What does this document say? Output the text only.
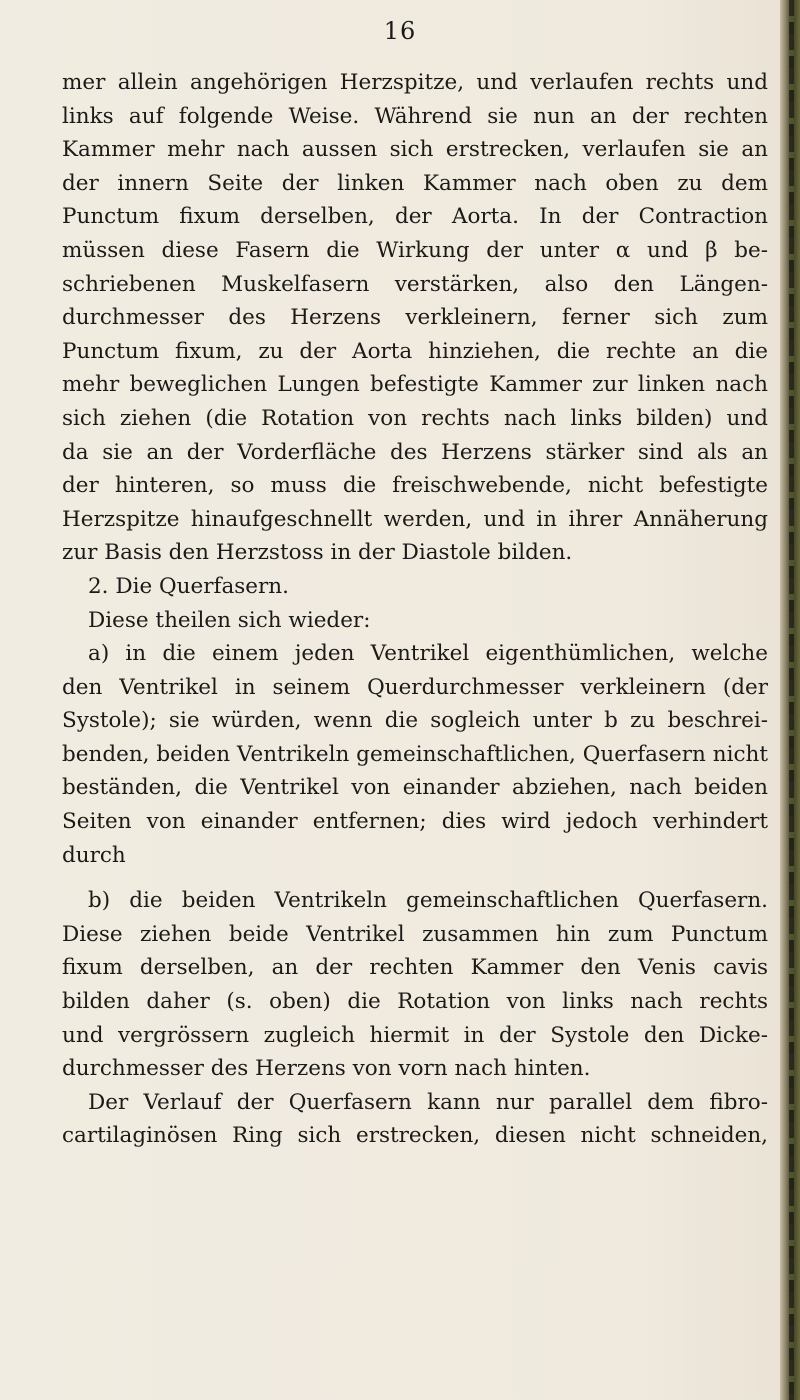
16
mer allein angehörigen Herzspitze, und verlaufen rechts und
links auf folgende Weise. Während sie nun an der rechten
Kammer mehr nach aussen sich erstrecken, verlaufen sie an
der innern Seite der linken Kammer nach oben zu dem
Punctum fixum derselben, der Aorta. In der Contraction
müssen diese Fasern die Wirkung der unter α und β be-
schriebenen Muskelfasern verstärken, also den Längen-
durchmesser des Herzens verkleinern, ferner sich zum
Punctum fixum, zu der Aorta hinziehen, die rechte an die
mehr beweglichen Lungen befestigte Kammer zur linken nach
sich ziehen (die Rotation von rechts nach links bilden) und
da sie an der Vorderfläche des Herzens stärker sind als an
der hinteren, so muss die freischwebende, nicht befestigte
Herzspitze hinaufgeschnellt werden, und in ihrer Annäherung
zur Basis den Herzstoss in der Diastole bilden.
2. Die Querfasern.
Diese theilen sich wieder:
a) in die einem jeden Ventrikel eigenthümlichen, welche
den Ventrikel in seinem Querdurchmesser verkleinern (der
Systole); sie würden, wenn die sogleich unter b zu beschrei-
benden, beiden Ventrikeln gemeinschaftlichen, Querfasern nicht
beständen, die Ventrikel von einander abziehen, nach beiden
Seiten von einander entfernen; dies wird jedoch verhindert
durch
b) die beiden Ventrikeln gemeinschaftlichen Querfasern.
Diese ziehen beide Ventrikel zusammen hin zum Punctum
fixum derselben, an der rechten Kammer den Venis cavis
bilden daher (s. oben) die Rotation von links nach rechts
und vergrössern zugleich hiermit in der Systole den Dicke-
durchmesser des Herzens von vorn nach hinten.
Der Verlauf der Querfasern kann nur parallel dem fibro-
cartilaginösen Ring sich erstrecken, diesen nicht schneiden,
